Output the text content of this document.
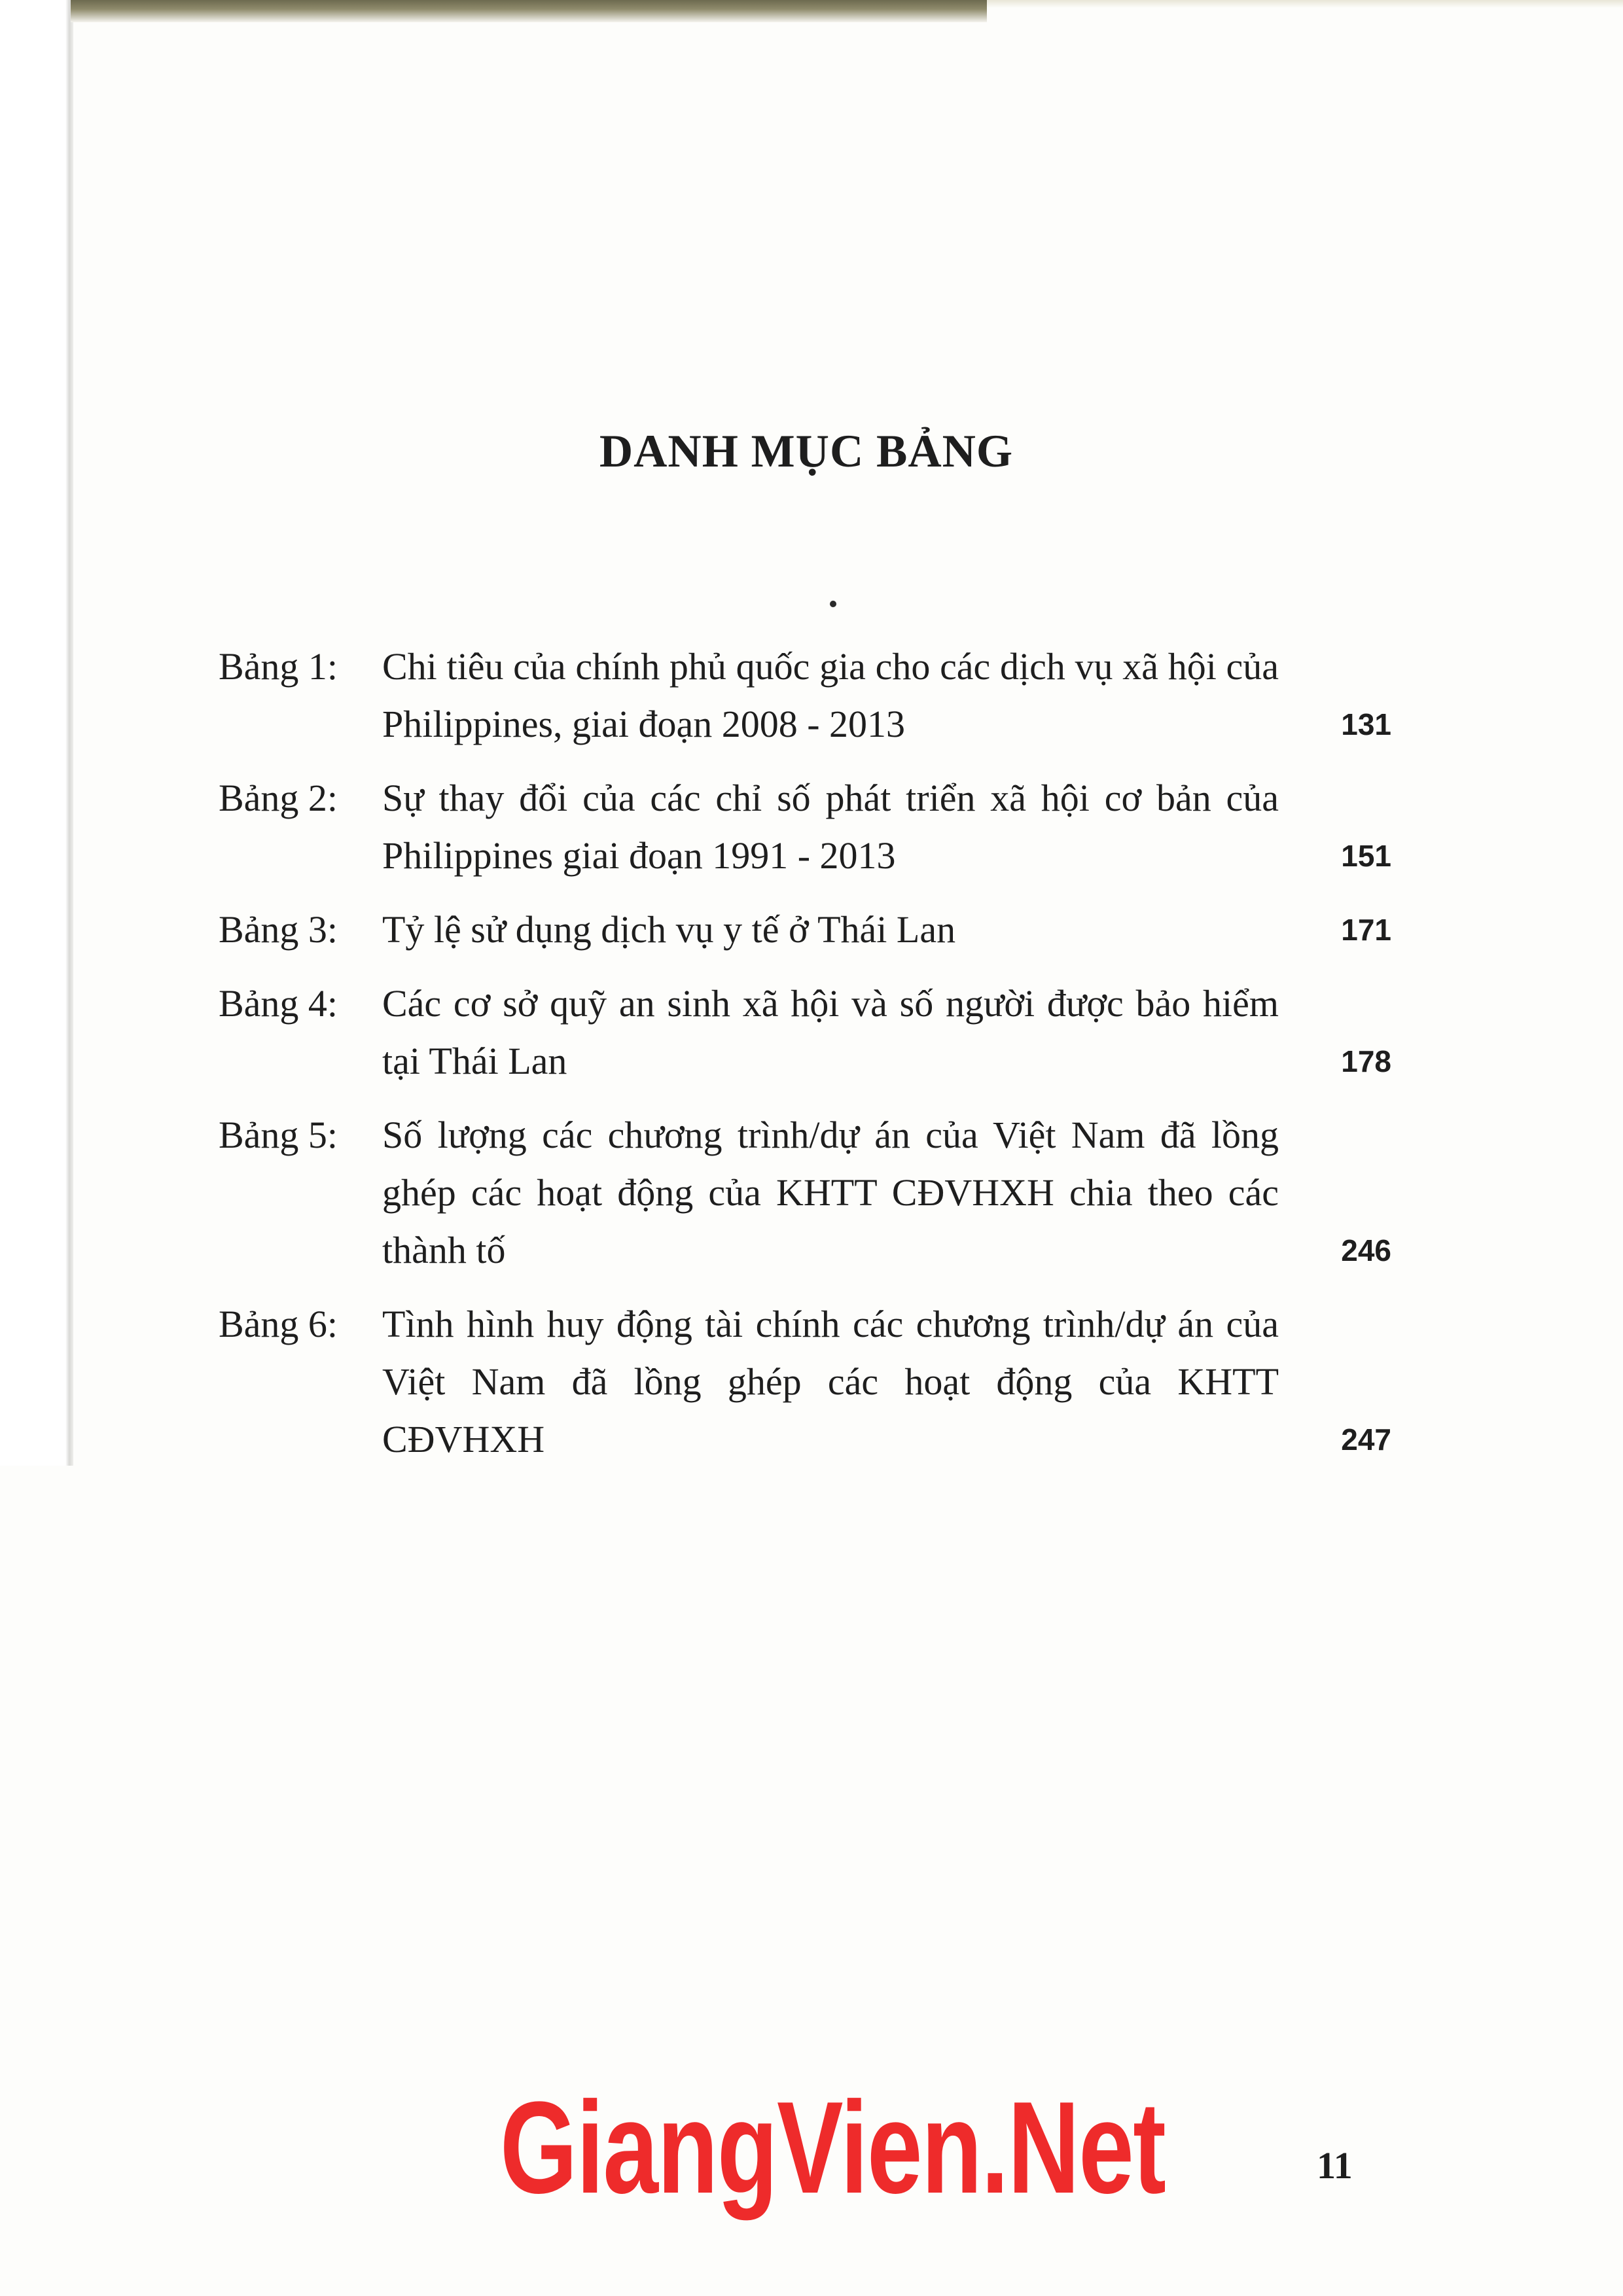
DANH MỤC BẢNG
Bảng 1: Chi tiêu của chính phủ quốc gia cho các dịch vụ xã hội của Philippines, giai đoạn 2008 - 2013	131
Bảng 2: Sự thay đổi của các chỉ số phát triển xã hội cơ bản của Philippines giai đoạn 1991 - 2013	151
Bảng 3: Tỷ lệ sử dụng dịch vụ y tế ở Thái Lan	171
Bảng 4: Các cơ sở quỹ an sinh xã hội và số người được bảo hiểm tại Thái Lan	178
Bảng 5: Số lượng các chương trình/dự án của Việt Nam đã lồng ghép các hoạt động của KHTT CĐVHXH chia theo các thành tố	246
Bảng 6: Tình hình huy động tài chính các chương trình/dự án của Việt Nam đã lồng ghép các hoạt động của KHTT CĐVHXH	247
GiangVien.Net	11
